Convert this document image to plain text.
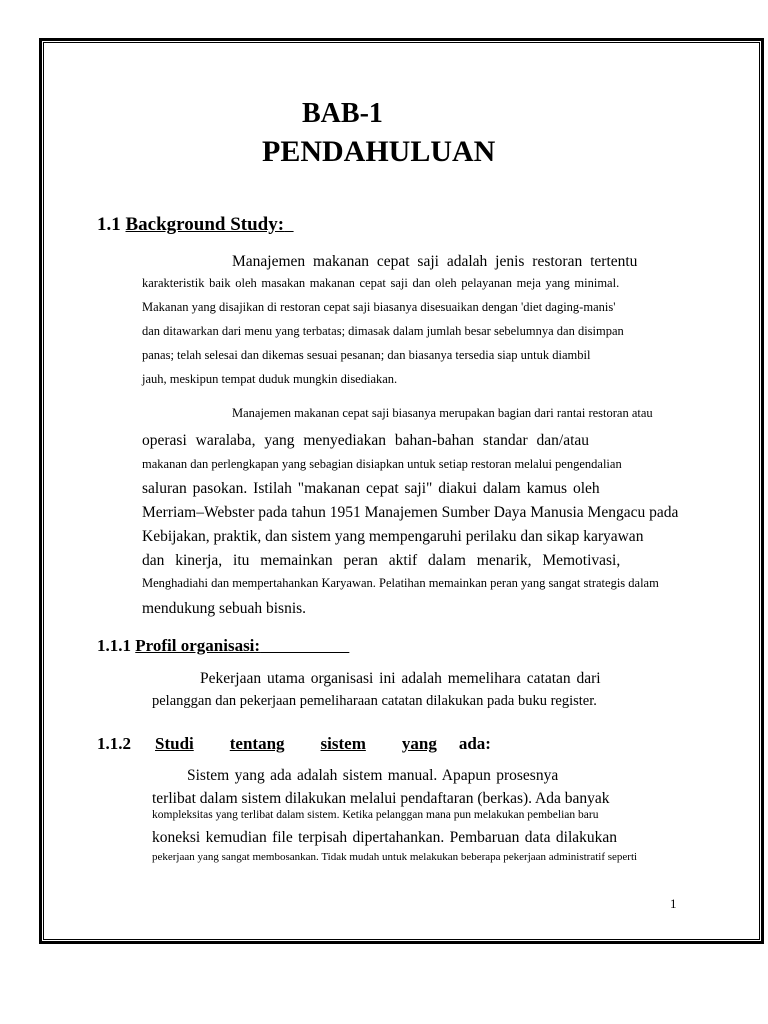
BAB-1
PENDAHULUAN
1.1 Background Study:
Manajemen makanan cepat saji adalah jenis restoran tertentu
karakteristik baik oleh masakan makanan cepat saji dan oleh pelayanan meja yang minimal.
Makanan yang disajikan di restoran cepat saji biasanya disesuaikan dengan 'diet daging-manis'
dan ditawarkan dari menu yang terbatas; dimasak dalam jumlah besar sebelumnya dan disimpan
panas; telah selesai dan dikemas sesuai pesanan; dan biasanya tersedia siap untuk diambil
jauh, meskipun tempat duduk mungkin disediakan.
Manajemen makanan cepat saji biasanya merupakan bagian dari rantai restoran atau
operasi waralaba, yang menyediakan bahan-bahan standar dan/atau
makanan dan perlengkapan yang sebagian disiapkan untuk setiap restoran melalui pengendalian
saluran pasokan. Istilah "makanan cepat saji" diakui dalam kamus oleh
Merriam–Webster pada tahun 1951 Manajemen Sumber Daya Manusia Mengacu pada
Kebijakan, praktik, dan sistem yang mempengaruhi perilaku dan sikap karyawan
dan kinerja, itu memainkan peran aktif dalam menarik, Memotivasi,
Menghadiahi dan mempertahankan Karyawan. Pelatihan memainkan peran yang sangat strategis dalam
mendukung sebuah bisnis.
1.1.1 Profil organisasi:
Pekerjaan utama organisasi ini adalah memelihara catatan dari
pelanggan dan pekerjaan pemeliharaan catatan dilakukan pada buku register.
1.1.2 Studi tentang sistem yang ada:
Sistem yang ada adalah sistem manual. Apapun prosesnya
terlibat dalam sistem dilakukan melalui pendaftaran (berkas). Ada banyak
kompleksitas yang terlibat dalam sistem. Ketika pelanggan mana pun melakukan pembelian baru
koneksi kemudian file terpisah dipertahankan. Pembaruan data dilakukan
pekerjaan yang sangat membosankan. Tidak mudah untuk melakukan beberapa pekerjaan administratif seperti
1
